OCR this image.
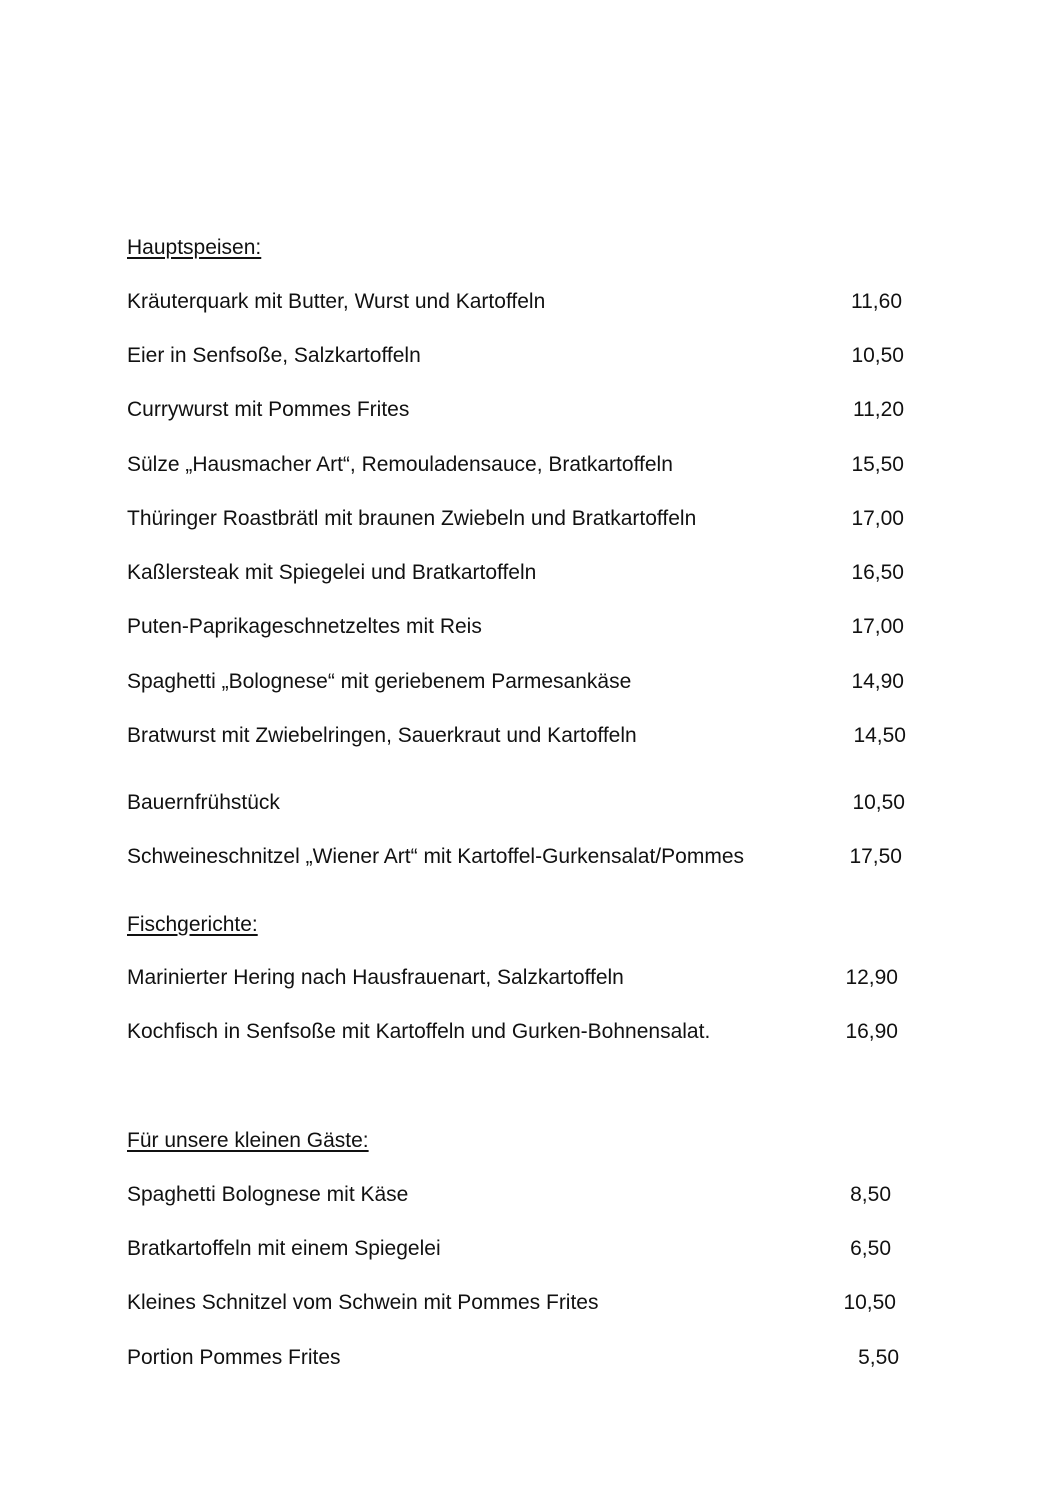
Hauptspeisen:
Kräuterquark mit Butter, Wurst und Kartoffeln	11,60
Eier in Senfsoße, Salzkartoffeln	10,50
Currywurst mit Pommes Frites	11,20
Sülze „Hausmacher Art“, Remouladensauce, Bratkartoffeln	15,50
Thüringer Roastbrätl mit braunen Zwiebeln und Bratkartoffeln	17,00
Kaßlersteak mit Spiegelei und Bratkartoffeln	16,50
Puten-Paprikageschnetzeltes mit Reis	17,00
Spaghetti „Bolognese“ mit geriebenem Parmesankäse	14,90
Bratwurst mit Zwiebelringen, Sauerkraut und Kartoffeln	14,50
Bauernfrühstück	10,50
Schweineschnitzel „Wiener Art“ mit Kartoffel-Gurkensalat/Pommes	17,50
Fischgerichte:
Marinierter Hering nach Hausfrauenart, Salzkartoffeln	12,90
Kochfisch in Senfsoße mit Kartoffeln und Gurken-Bohnensalat.	16,90
Für unsere kleinen Gäste:
Spaghetti Bolognese mit Käse	8,50
Bratkartoffeln mit einem Spiegelei	6,50
Kleines Schnitzel vom Schwein mit Pommes Frites	10,50
Portion Pommes Frites	5,50
